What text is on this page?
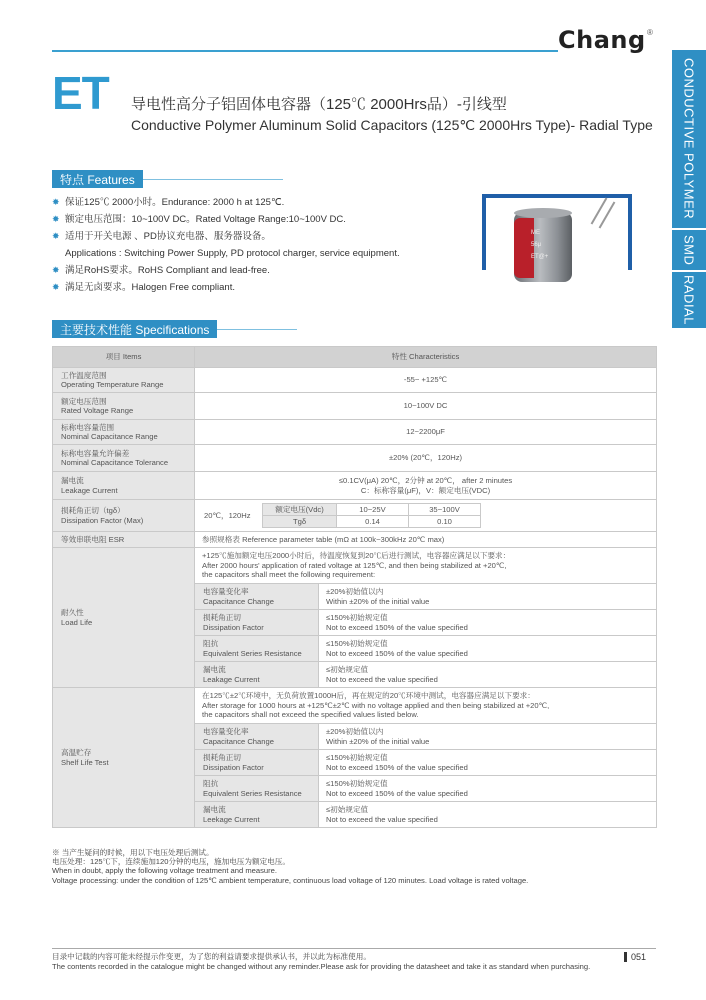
Chang ®
CONDUCTIVE POLYMER
SMD
RADIAL
ET 导电性高分子铝固体电容器（125℃ 2000Hrs品）-引线型
Conductive Polymer Aluminum Solid Capacitors (125℃ 2000Hrs Type)- Radial Type
特点 Features
✸ 保证125℃ 2000小时。Endurance: 2000 h at 125℃.
✸ 额定电压范围：10~100V DC。Rated Voltage Range:10~100V DC.
✸ 适用于开关电源 、PD协议充电器、服务器设备。
Applications : Switching Power Supply, PD protocol charger, service equipment.
✸ 满足RoHS要求。RoHS Compliant and lead-free.
✸ 满足无卤要求。Halogen Free compliant.
ME
56μ
ET@+
主要技术性能 Specifications
项目 Items	特性 Characteristics

工作温度范围
Operating Temperature Range
	-55~ +125℃

额定电压范围
Rated Voltage Range
	10~100V DC

标称电容量范围
Nominal Capacitance Range
	12~2200μF

标称电容量允许偏差
Nominal Capacitance Tolerance
	±20% (20℃，120Hz)

漏电流
Leakage Current

≤0.1CV(μA) 20℃，2分钟 at 20℃， after 2 minutes
C：标称容量(μF)，V：额定电压(VDC)

损耗角正切（tgδ）
Dissipation Factor (Max)

20℃，120Hz
额定电压(Vdc)	10~25V	35~100V
Tgδ	0.14	0.10

等效串联电阻 ESR	参照规格表 Reference parameter table (mΩ at 100k~300kHz 20℃ max)

耐久性
Load Life

+125℃施加额定电压2000小时后，待温度恢复到20℃后进行测试，电容器应满足以下要求：
After 2000 hours' application of rated voltage at 125℃, and then being stabilized at +20℃,
the capacitors shall meet the following requirement:

电容量变化率
Capacitance Change

±20%初始值以内
Within ±20% of the initial value

损耗角正切
Dissipation Factor

≤150%初始规定值
Not to exceed 150% of the value specified

阻抗
Equivalent Series Resistance

≤150%初始规定值
Not to exceed 150% of the value specified

漏电流
Leakage Current

≤初始规定值
Not to exceed the value specified

高温贮存
Shelf Life Test

在125℃±2℃环境中，无负荷放置1000H后，再在规定的20℃环境中测试，电容器应满足以下要求：
After storage for 1000 hours at +125℃±2℃ with no voltage applied and then being stabilized at +20℃,
the capacitors shall not exceed the specified values listed below.

电容量变化率
Capacitance Change

±20%初始值以内
Within ±20% of the initial value

损耗角正切
Dissipation Factor

≤150%初始规定值
Not to exceed 150% of the value specified

阻抗
Equivalent Series Resistance

≤150%初始规定值
Not to exceed 150% of the value specified

漏电流
Leekage Current

≤初始规定值
Not to exceed the value specified
※ 当产生疑问的时候，用以下电压处理后测试。
电压处理：125℃下，连续施加120分钟的电压，施加电压为额定电压。
When in doubt, apply the following voltage treatment and measure.
Voltage processing: under the condition of 125℃ ambient temperature, continuous load voltage of 120 minutes. Load voltage is rated voltage.
目录中记载的内容可能未经提示作变更，为了您的利益请要求提供承认书，并以此为标准使用。
The contents recorded in the catalogue might be changed without any reminder.Please ask for providing the datasheet and take it as standard when purchasing.
051
